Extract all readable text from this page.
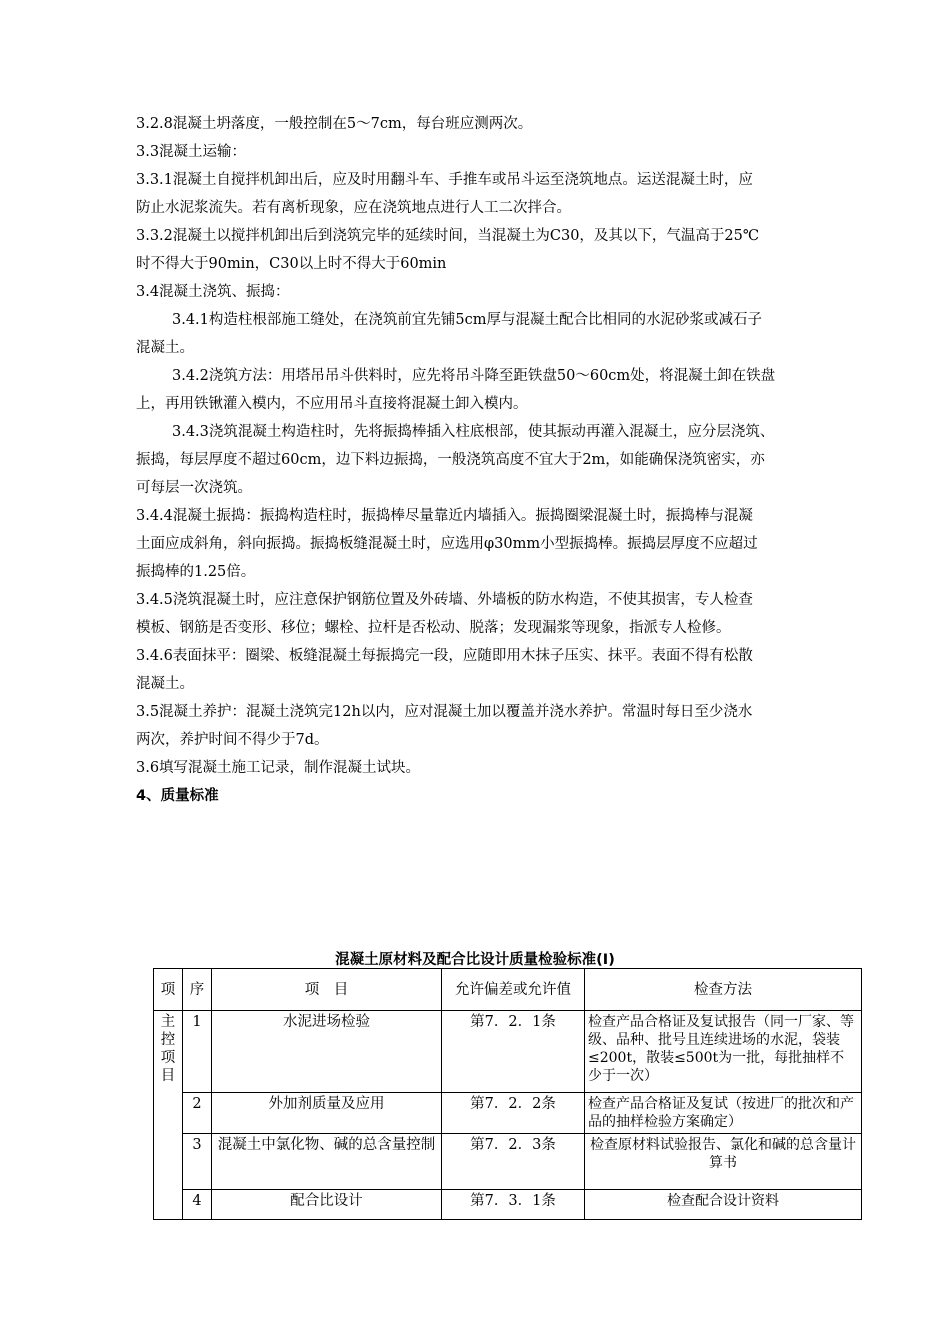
3.2.8混凝土坍落度，一般控制在5～7cm，每台班应测两次。

3.3混凝土运输：

3.3.1混凝土自搅拌机卸出后，应及时用翻斗车、手推车或吊斗运至浇筑地点。运送混凝土时，应

防止水泥浆流失。若有离析现象，应在浇筑地点进行人工二次拌合。

3.3.2混凝土以搅拌机卸出后到浇筑完毕的延续时间，当混凝土为C30，及其以下，气温高于25℃

时不得大于90min，C30以上时不得大于60min

3.4混凝土浇筑、振捣：

3.4.1构造柱根部施工缝处，在浇筑前宜先铺5cm厚与混凝土配合比相同的水泥砂浆或减石子

混凝土。

3.4.2浇筑方法：用塔吊吊斗供料时，应先将吊斗降至距铁盘50～60cm处，将混凝土卸在铁盘

上，再用铁锹灌入模内，不应用吊斗直接将混凝土卸入模内。

3.4.3浇筑混凝土构造柱时，先将振捣棒插入柱底根部，使其振动再灌入混凝土，应分层浇筑、

振捣，每层厚度不超过60cm，边下料边振捣，一般浇筑高度不宜大于2m，如能确保浇筑密实，亦

可每层一次浇筑。

3.4.4混凝土振捣：振捣构造柱时，振捣棒尽量靠近内墙插入。振捣圈梁混凝土时，振捣棒与混凝

土面应成斜角，斜向振捣。振捣板缝混凝土时，应选用φ30mm小型振捣棒。振捣层厚度不应超过

振捣棒的1.25倍。

3.4.5浇筑混凝土时，应注意保护钢筋位置及外砖墙、外墙板的防水构造，不使其损害，专人检查

模板、钢筋是否变形、移位；螺栓、拉杆是否松动、脱落；发现漏浆等现象，指派专人检修。

3.4.6表面抹平：圈梁、板缝混凝土每振捣完一段，应随即用木抹子压实、抹平。表面不得有松散

混凝土。

3.5混凝土养护：混凝土浇筑完12h以内，应对混凝土加以覆盖并浇水养护。常温时每日至少浇水

两次，养护时间不得少于7d。

3.6填写混凝土施工记录，制作混凝土试块。

4、质量标准

混凝土原材料及配合比设计质量检验标准(I)
项	序	项　目	允许偏差或允许值	检查方法
主控项目	1	水泥进场检验	第7．2．1条	检查产品合格证及复试报告（同一厂家、等级、品种、批号且连续进场的水泥，袋装≤200t，散装≤500t为一批，每批抽样不少于一次）
	2	外加剂质量及应用	第7．2．2条	检查产品合格证及复试（按进厂的批次和产品的抽样检验方案确定）
	3	混凝土中氯化物、碱的总含量控制	第7．2．3条	检查原材料试验报告、氯化和碱的总含量计算书
	4	配合比设计	第7．3．1条	检查配合设计资料
